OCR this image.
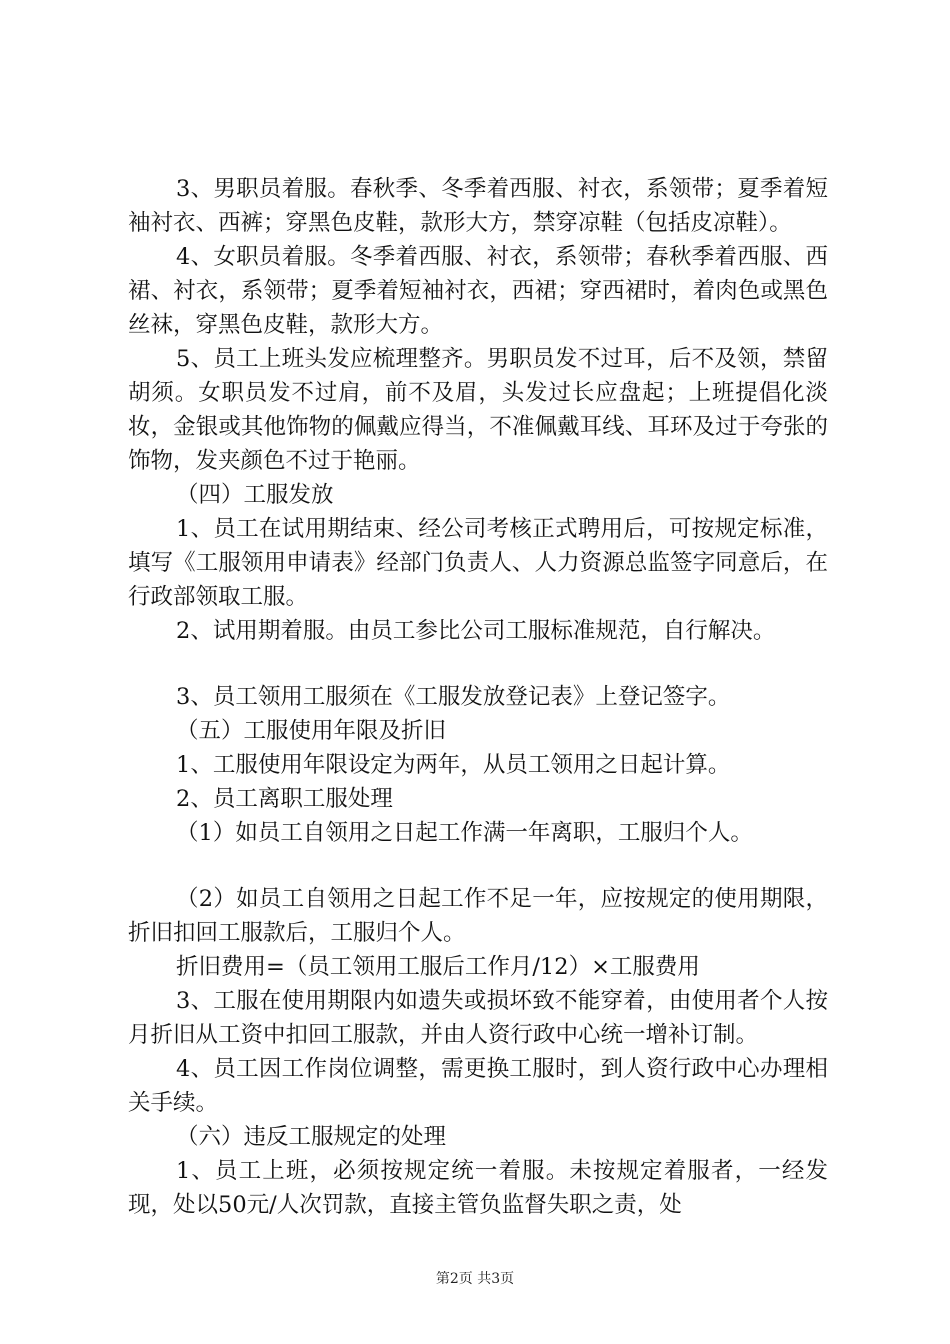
3、男职员着服。春秋季、冬季着西服、衬衣，系领带；夏季着短袖衬衣、西裤；穿黑色皮鞋，款形大方，禁穿凉鞋（包括皮凉鞋）。

4、女职员着服。冬季着西服、衬衣，系领带；春秋季着西服、西裙、衬衣，系领带；夏季着短袖衬衣，西裙；穿西裙时，着肉色或黑色丝袜，穿黑色皮鞋，款形大方。

5、员工上班头发应梳理整齐。男职员发不过耳，后不及领，禁留胡须。女职员发不过肩，前不及眉，头发过长应盘起；上班提倡化淡妆，金银或其他饰物的佩戴应得当，不准佩戴耳线、耳环及过于夸张的饰物，发夹颜色不过于艳丽。

（四）工服发放

1、员工在试用期结束、经公司考核正式聘用后，可按规定标准，填写《工服领用申请表》经部门负责人、人力资源总监签字同意后，在行政部领取工服。

2、试用期着服。由员工参比公司工服标准规范，自行解决。

3、员工领用工服须在《工服发放登记表》上登记签字。

（五）工服使用年限及折旧

1、工服使用年限设定为两年，从员工领用之日起计算。

2、员工离职工服处理

（1）如员工自领用之日起工作满一年离职，工服归个人。

（2）如员工自领用之日起工作不足一年，应按规定的使用期限，折旧扣回工服款后，工服归个人。

折旧费用=（员工领用工服后工作月/12）×工服费用

3、工服在使用期限内如遗失或损坏致不能穿着，由使用者个人按月折旧从工资中扣回工服款，并由人资行政中心统一增补订制。

4、员工因工作岗位调整，需更换工服时，到人资行政中心办理相关手续。

（六）违反工服规定的处理

1、员工上班，必须按规定统一着服。未按规定着服者，一经发现，处以50元/人次罚款，直接主管负监督失职之责，处

第2页 共3页
